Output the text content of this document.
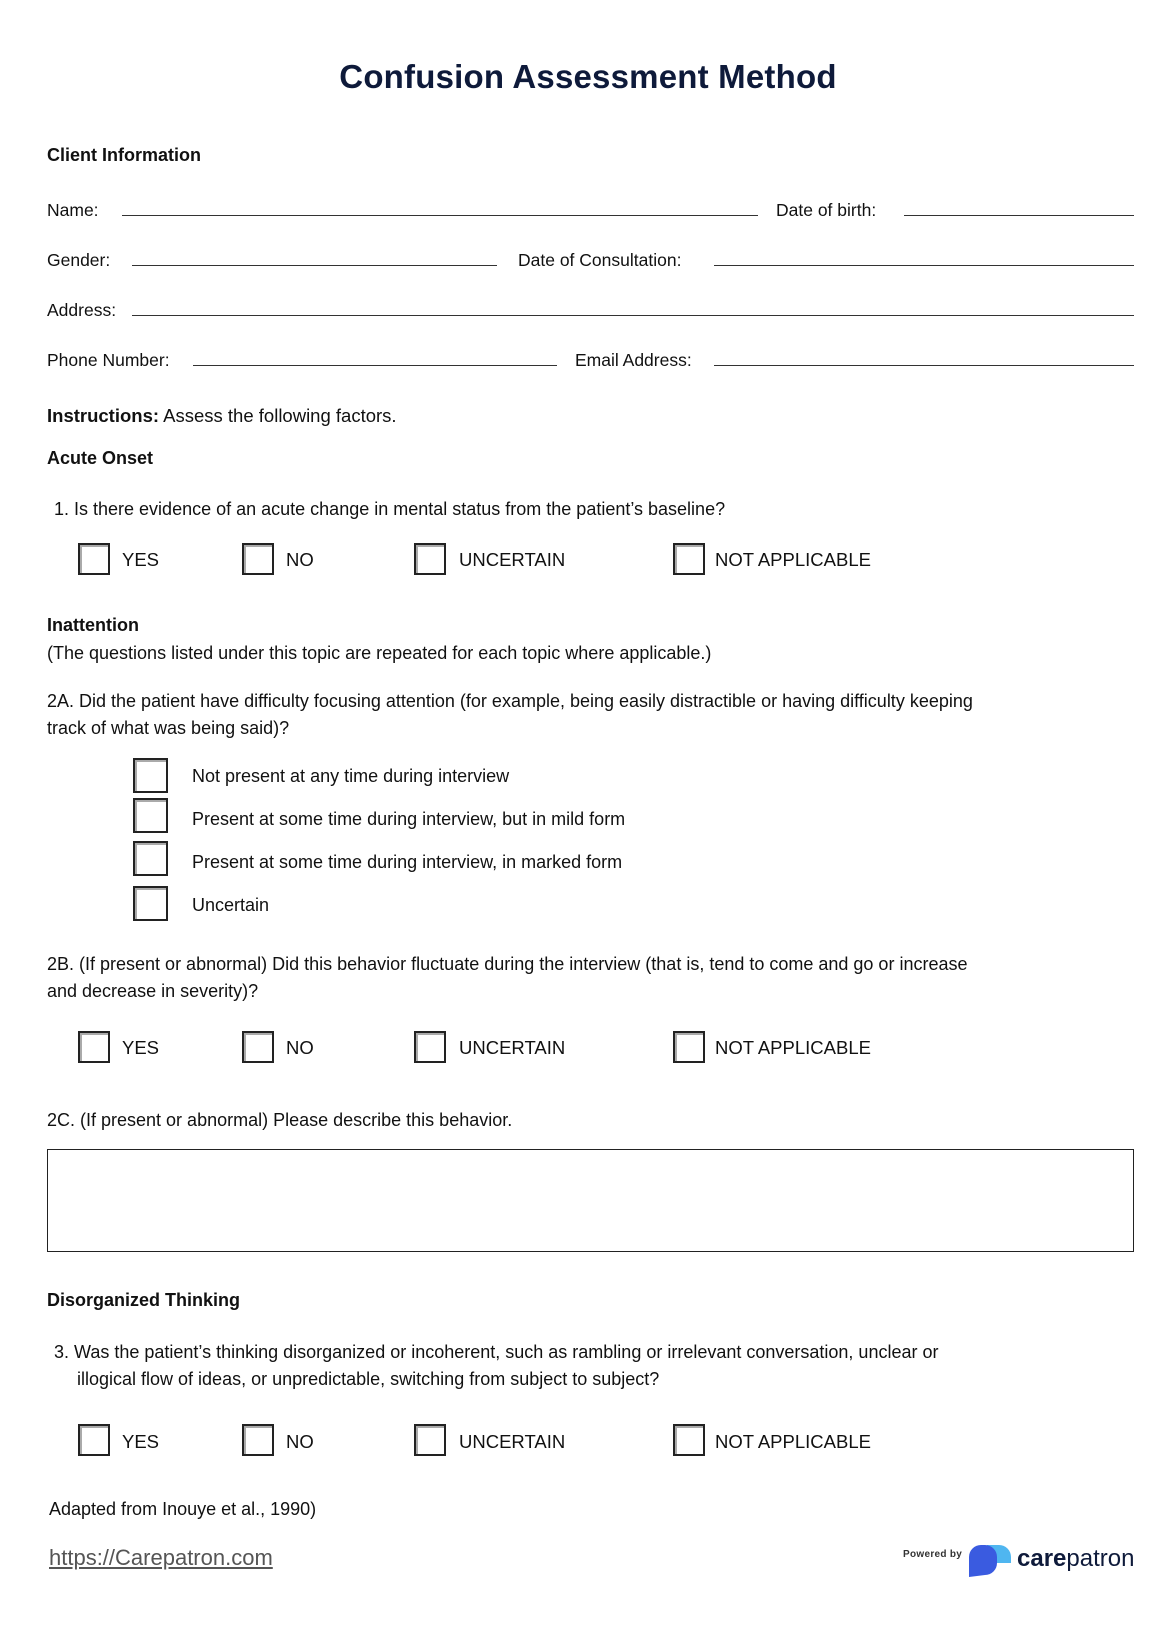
Confusion Assessment Method
Client Information
Name:	Date of birth:
Gender:	Date of Consultation:
Address:
Phone Number:	Email Address:
Instructions: Assess the following factors.
Acute Onset
1. Is there evidence of an acute change in mental status from the patient’s baseline?
YES	NO	UNCERTAIN	NOT APPLICABLE
Inattention
(The questions listed under this topic are repeated for each topic where applicable.)
2A. Did the patient have difficulty focusing attention (for example, being easily distractible or having difficulty keeping
track of what was being said)?
Not present at any time during interview
Present at some time during interview, but in mild form
Present at some time during interview, in marked form
Uncertain
2B. (If present or abnormal) Did this behavior fluctuate during the interview (that is, tend to come and go or increase
and decrease in severity)?
YES	NO	UNCERTAIN	NOT APPLICABLE
2C. (If present or abnormal) Please describe this behavior.
Disorganized Thinking
3. Was the patient’s thinking disorganized or incoherent, such as rambling or irrelevant conversation, unclear or
illogical flow of ideas, or unpredictable, switching from subject to subject?
YES	NO	UNCERTAIN	NOT APPLICABLE
Adapted from Inouye et al., 1990)
https://Carepatron.com	Powered by carepatron
